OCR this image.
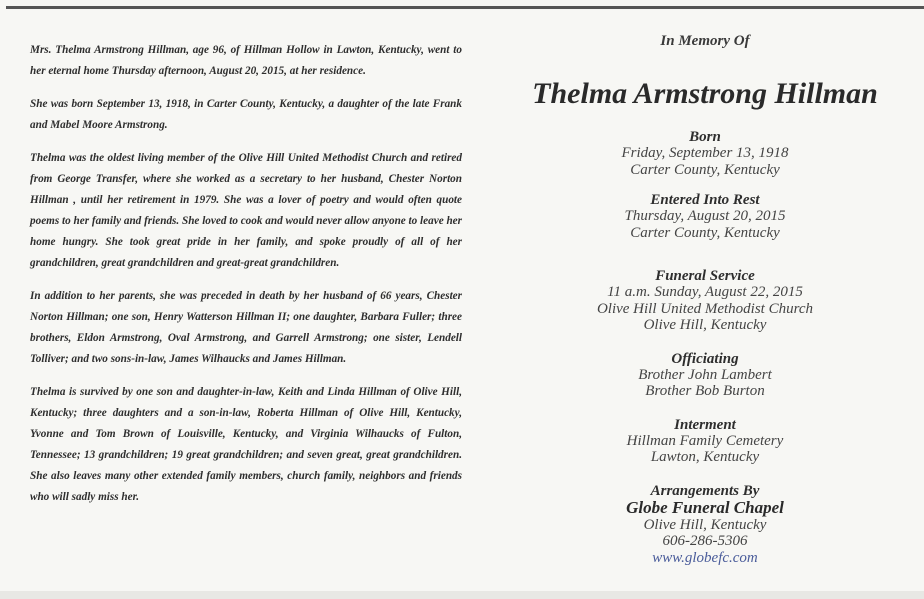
Mrs. Thelma Armstrong Hillman, age 96, of Hillman Hollow in Lawton, Kentucky, went to her eternal home Thursday afternoon, August 20, 2015, at her residence.

She was born September 13, 1918, in Carter County, Kentucky, a daughter of the late Frank and Mabel Moore Armstrong.

Thelma was the oldest living member of the Olive Hill United Methodist Church and retired from George Transfer, where she worked as a secretary to her husband, Chester Norton Hillman , until her retirement in 1979. She was a lover of poetry and would often quote poems to her family and friends. She loved to cook and would never allow anyone to leave her home hungry. She took great pride in her family, and spoke proudly of all of her grandchildren, great grandchildren and great-great grandchildren.

In addition to her parents, she was preceded in death by her husband of 66 years, Chester Norton Hillman; one son, Henry Watterson Hillman II; one daughter, Barbara Fuller; three brothers, Eldon Armstrong, Oval Armstrong, and Garrell Armstrong; one sister, Lendell Tolliver; and two sons-in-law, James Wilhaucks and James Hillman.

Thelma is survived by one son and daughter-in-law, Keith and Linda Hillman of Olive Hill, Kentucky; three daughters and a son-in-law, Roberta Hillman of Olive Hill, Kentucky, Yvonne and Tom Brown of Louisville, Kentucky, and Virginia Wilhaucks of Fulton, Tennessee; 13 grandchildren; 19 great grandchildren; and seven great, great grandchildren. She also leaves many other extended family members, church family, neighbors and friends who will sadly miss her.

In Memory Of
Thelma Armstrong Hillman
Born
Friday, September 13, 1918
Carter County, Kentucky
Entered Into Rest
Thursday, August 20, 2015
Carter County, Kentucky
Funeral Service
11 a.m. Sunday, August 22, 2015
Olive Hill United Methodist Church
Olive Hill, Kentucky
Officiating
Brother John Lambert
Brother Bob Burton
Interment
Hillman Family Cemetery
Lawton, Kentucky
Arrangements By
Globe Funeral Chapel
Olive Hill, Kentucky
606-286-5306
www.globefc.com
